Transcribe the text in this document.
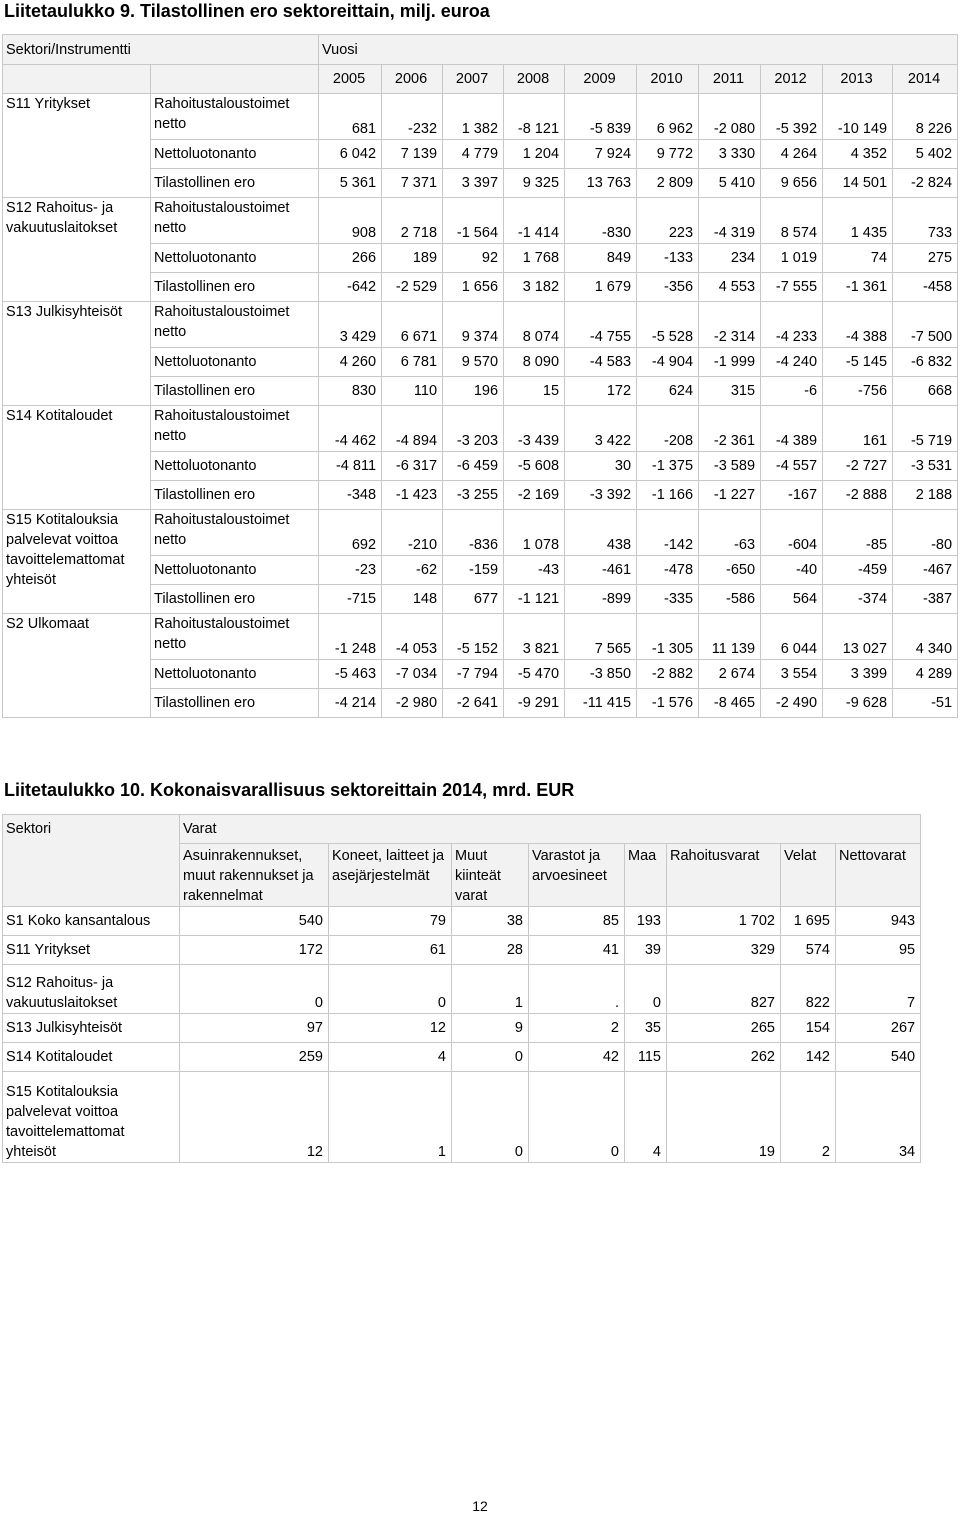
Liitetaulukko 9. Tilastollinen ero sektoreittain, milj. euroa
Sektori/Instrumentti		Vuosi									
		2005	2006	2007	2008	2009	2010	2011	2012	2013	2014
S11 Yritykset	Rahoitustaloustoimet netto	681	-232	1 382	-8 121	-5 839	6 962	-2 080	-5 392	-10 149	8 226
	Nettoluotonanto	6 042	7 139	4 779	1 204	7 924	9 772	3 330	4 264	4 352	5 402
	Tilastollinen ero	5 361	7 371	3 397	9 325	13 763	2 809	5 410	9 656	14 501	-2 824
S12 Rahoitus- ja vakuutuslaitokset	Rahoitustaloustoimet netto	908	2 718	-1 564	-1 414	-830	223	-4 319	8 574	1 435	733
	Nettoluotonanto	266	189	92	1 768	849	-133	234	1 019	74	275
	Tilastollinen ero	-642	-2 529	1 656	3 182	1 679	-356	4 553	-7 555	-1 361	-458
S13 Julkisyhteisöt	Rahoitustaloustoimet netto	3 429	6 671	9 374	8 074	-4 755	-5 528	-2 314	-4 233	-4 388	-7 500
	Nettoluotonanto	4 260	6 781	9 570	8 090	-4 583	-4 904	-1 999	-4 240	-5 145	-6 832
	Tilastollinen ero	830	110	196	15	172	624	315	-6	-756	668
S14 Kotitaloudet	Rahoitustaloustoimet netto	-4 462	-4 894	-3 203	-3 439	3 422	-208	-2 361	-4 389	161	-5 719
	Nettoluotonanto	-4 811	-6 317	-6 459	-5 608	30	-1 375	-3 589	-4 557	-2 727	-3 531
	Tilastollinen ero	-348	-1 423	-3 255	-2 169	-3 392	-1 166	-1 227	-167	-2 888	2 188
S15 Kotitalouksia palvelevat voittoa tavoittelemattomat yhteisöt	Rahoitustaloustoimet netto	692	-210	-836	1 078	438	-142	-63	-604	-85	-80
	Nettoluotonanto	-23	-62	-159	-43	-461	-478	-650	-40	-459	-467
	Tilastollinen ero	-715	148	677	-1 121	-899	-335	-586	564	-374	-387
S2 Ulkomaat	Rahoitustaloustoimet netto	-1 248	-4 053	-5 152	3 821	7 565	-1 305	11 139	6 044	13 027	4 340
	Nettoluotonanto	-5 463	-7 034	-7 794	-5 470	-3 850	-2 882	2 674	3 554	3 399	4 289
	Tilastollinen ero	-4 214	-2 980	-2 641	-9 291	-11 415	-1 576	-8 465	-2 490	-9 628	-51
Liitetaulukko 10. Kokonaisvarallisuus sektoreittain 2014, mrd. EUR
Sektori	Varat							
	Asuinrakennukset, muut rakennukset ja rakennelmat	Koneet, laitteet ja asejärjestelmät	Muut kiinteät varat	Varastot ja arvoesineet	Maa	Rahoitusvarat	Velat	Nettovarat
S1 Koko kansantalous	540	79	38	85	193	1 702	1 695	943
S11 Yritykset	172	61	28	41	39	329	574	95
S12 Rahoitus- ja vakuutuslaitokset	0	0	1	.	0	827	822	7
S13 Julkisyhteisöt	97	12	9	2	35	265	154	267
S14 Kotitaloudet	259	4	0	42	115	262	142	540
S15 Kotitalouksia palvelevat voittoa tavoittelemattomat yhteisöt	12	1	0	0	4	19	2	34
12
